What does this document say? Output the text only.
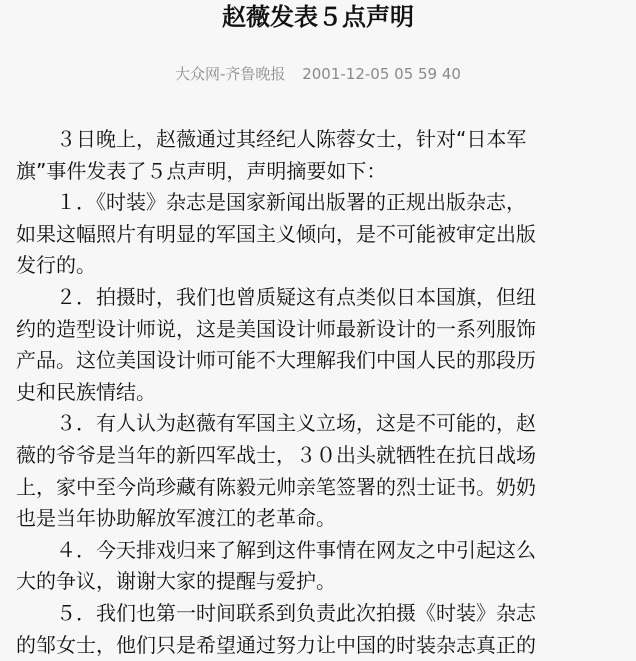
赵薇发表５点声明
大众网-齐鲁晚报 2001-12-05 05 59 40
　　３日晚上，赵薇通过其经纪人陈蓉女士，针对“日本军
旗”事件发表了５点声明，声明摘要如下：
　　１．《时装》杂志是国家新闻出版署的正规出版杂志，
如果这幅照片有明显的军国主义倾向，是不可能被审定出版
发行的。
　　２．拍摄时，我们也曾质疑这有点类似日本国旗，但纽
约的造型设计师说，这是美国设计师最新设计的一系列服饰
产品。这位美国设计师可能不大理解我们中国人民的那段历
史和民族情结。
　　３．有人认为赵薇有军国主义立场，这是不可能的，赵
薇的爷爷是当年的新四军战士，３０出头就牺牲在抗日战场
上，家中至今尚珍藏有陈毅元帅亲笔签署的烈士证书。奶奶
也是当年协助解放军渡江的老革命。
　　４．今天排戏归来了解到这件事情在网友之中引起这么
大的争议，谢谢大家的提醒与爱护。
　　５．我们也第一时间联系到负责此次拍摄《时装》杂志
的邹女士，他们只是希望通过努力让中国的时装杂志真正的
